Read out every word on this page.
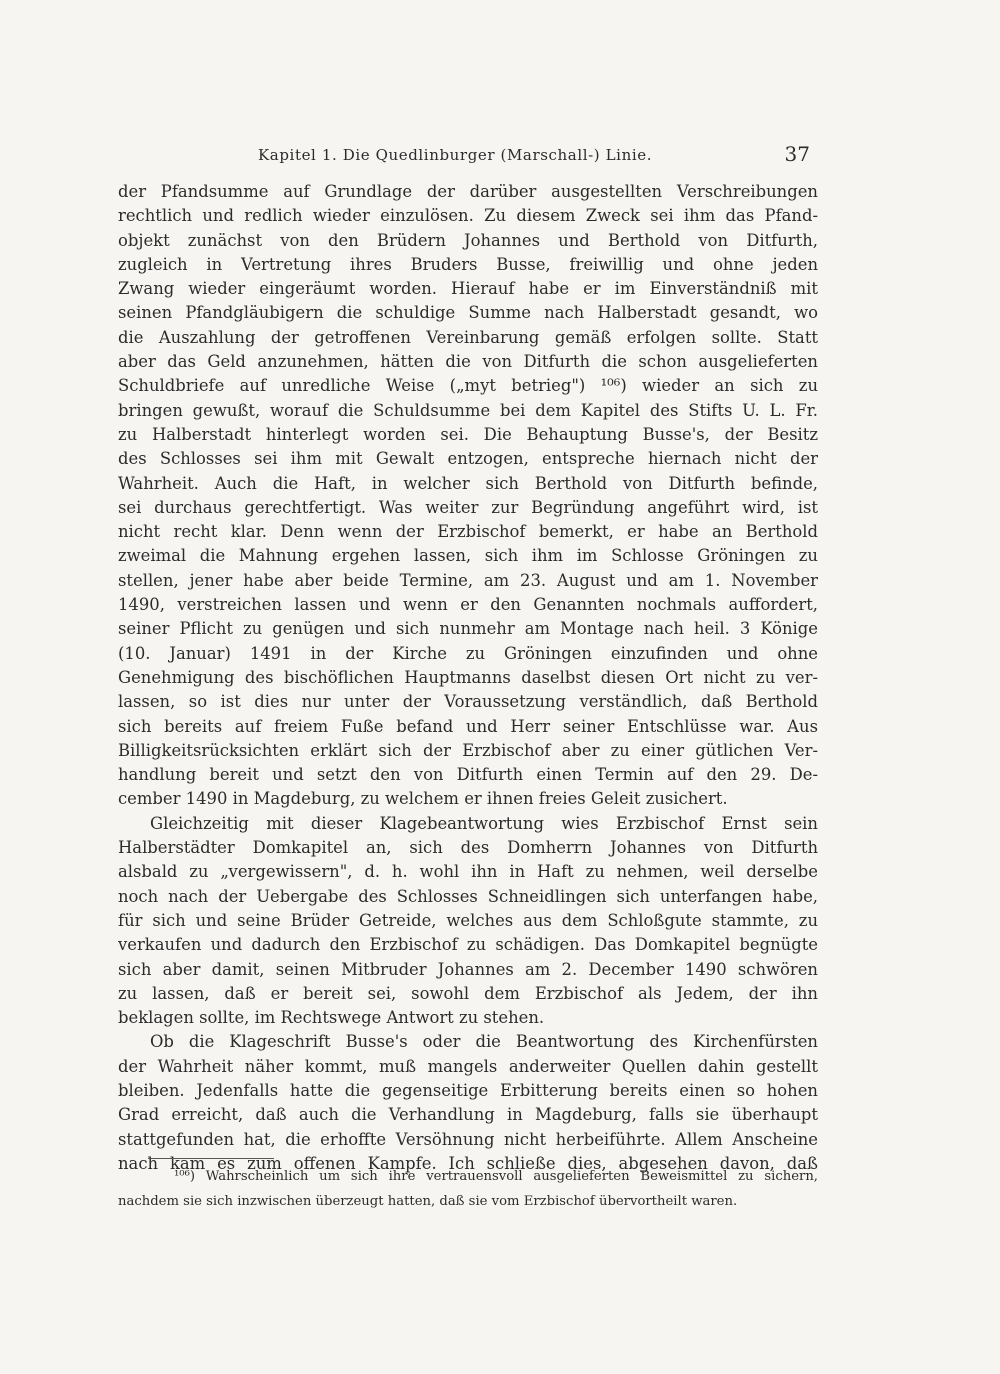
Kapitel 1. Die Quedlinburger (Marschall-) Linie.	37
der Pfandsumme auf Grundlage der darüber ausgestellten Verschreibungen
rechtlich und redlich wieder einzulösen. Zu diesem Zweck sei ihm das Pfand-
objekt zunächst von den Brüdern Johannes und Berthold von Ditfurth,
zugleich in Vertretung ihres Bruders Busse, freiwillig und ohne jeden
Zwang wieder eingeräumt worden. Hierauf habe er im Einverständniß mit
seinen Pfandgläubigern die schuldige Summe nach Halberstadt gesandt, wo
die Auszahlung der getroffenen Vereinbarung gemäß erfolgen sollte. Statt
aber das Geld anzunehmen, hätten die von Ditfurth die schon ausgelieferten
Schuldbriefe auf unredliche Weise („myt betrieg") ¹⁰⁶) wieder an sich zu
bringen gewußt, worauf die Schuldsumme bei dem Kapitel des Stifts U. L. Fr.
zu Halberstadt hinterlegt worden sei. Die Behauptung Busse's, der Besitz
des Schlosses sei ihm mit Gewalt entzogen, entspreche hiernach nicht der
Wahrheit. Auch die Haft, in welcher sich Berthold von Ditfurth befinde,
sei durchaus gerechtfertigt. Was weiter zur Begründung angeführt wird, ist
nicht recht klar. Denn wenn der Erzbischof bemerkt, er habe an Berthold
zweimal die Mahnung ergehen lassen, sich ihm im Schlosse Gröningen zu
stellen, jener habe aber beide Termine, am 23. August und am 1. November
1490, verstreichen lassen und wenn er den Genannten nochmals auffordert,
seiner Pflicht zu genügen und sich nunmehr am Montage nach heil. 3 Könige
(10. Januar) 1491 in der Kirche zu Gröningen einzufinden und ohne
Genehmigung des bischöflichen Hauptmanns daselbst diesen Ort nicht zu ver-
lassen, so ist dies nur unter der Voraussetzung verständlich, daß Berthold
sich bereits auf freiem Fuße befand und Herr seiner Entschlüsse war. Aus
Billigkeitsrücksichten erklärt sich der Erzbischof aber zu einer gütlichen Ver-
handlung bereit und setzt den von Ditfurth einen Termin auf den 29. De-
cember 1490 in Magdeburg, zu welchem er ihnen freies Geleit zusichert.
Gleichzeitig mit dieser Klagebeantwortung wies Erzbischof Ernst sein
Halberstädter Domkapitel an, sich des Domherrn Johannes von Ditfurth
alsbald zu „vergewissern", d. h. wohl ihn in Haft zu nehmen, weil derselbe
noch nach der Uebergabe des Schlosses Schneidlingen sich unterfangen habe,
für sich und seine Brüder Getreide, welches aus dem Schloßgute stammte, zu
verkaufen und dadurch den Erzbischof zu schädigen. Das Domkapitel begnügte
sich aber damit, seinen Mitbruder Johannes am 2. December 1490 schwören
zu lassen, daß er bereit sei, sowohl dem Erzbischof als Jedem, der ihn
beklagen sollte, im Rechtswege Antwort zu stehen.
Ob die Klageschrift Busse's oder die Beantwortung des Kirchenfürsten
der Wahrheit näher kommt, muß mangels anderweiter Quellen dahin gestellt
bleiben. Jedenfalls hatte die gegenseitige Erbitterung bereits einen so hohen
Grad erreicht, daß auch die Verhandlung in Magdeburg, falls sie überhaupt
stattgefunden hat, die erhoffte Versöhnung nicht herbeiführte. Allem Anscheine
nach kam es zum offenen Kampfe. Ich schließe dies, abgesehen davon, daß
¹⁰⁶) Wahrscheinlich um sich ihre vertrauensvoll ausgelieferten Beweismittel zu sichern,
nachdem sie sich inzwischen überzeugt hatten, daß sie vom Erzbischof übervortheilt waren.
